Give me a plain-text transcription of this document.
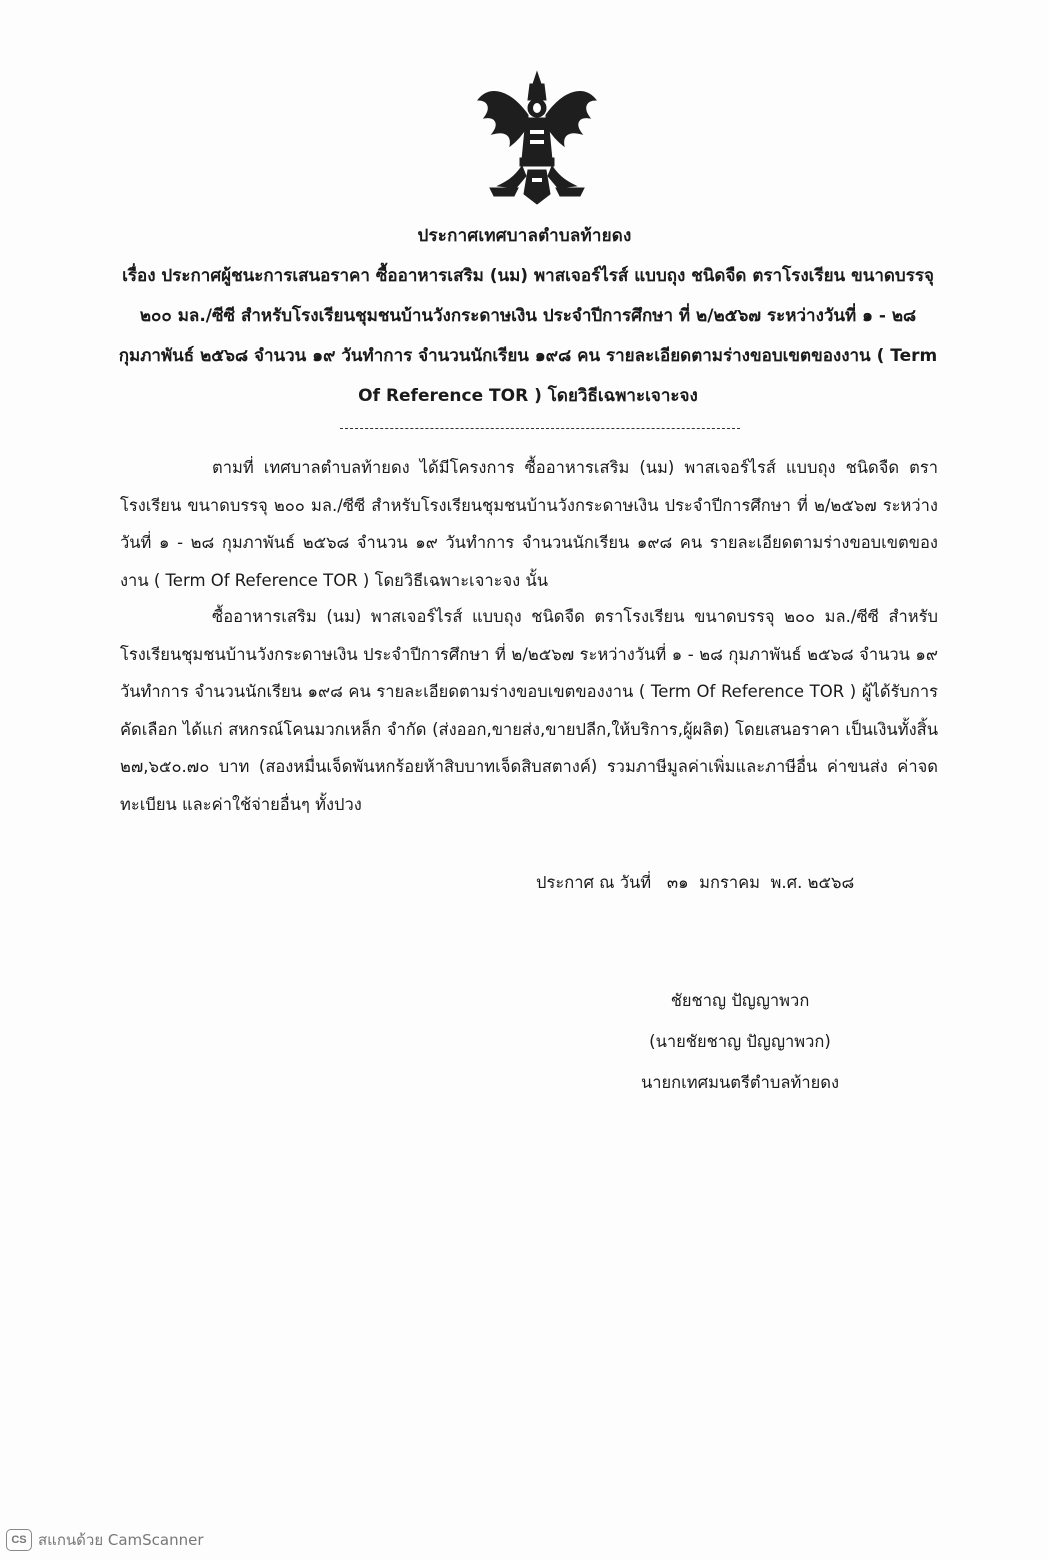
ประกาศเทศบาลตำบลท้ายดง
เรื่อง ประกาศผู้ชนะการเสนอราคา ซื้ออาหารเสริม (นม) พาสเจอร์ไรส์ แบบถุง ชนิดจืด ตราโรงเรียน ขนาดบรรจุ ๒๐๐ มล./ซีซี สำหรับโรงเรียนชุมชนบ้านวังกระดาษเงิน ประจำปีการศึกษา ที่ ๒/๒๕๖๗ ระหว่างวันที่ ๑ - ๒๘ กุมภาพันธ์ ๒๕๖๘ จำนวน ๑๙ วันทำการ จำนวนนักเรียน ๑๙๘ คน รายละเอียดตามร่างขอบเขตของงาน ( Term Of Reference TOR ) โดยวิธีเฉพาะเจาะจง
ตามที่ เทศบาลตำบลท้ายดง ได้มีโครงการ ซื้ออาหารเสริม (นม) พาสเจอร์ไรส์ แบบถุง ชนิดจืด ตราโรงเรียน ขนาดบรรจุ ๒๐๐ มล./ซีซี สำหรับโรงเรียนชุมชนบ้านวังกระดาษเงิน ประจำปีการศึกษา ที่ ๒/๒๕๖๗ ระหว่างวันที่ ๑ - ๒๘ กุมภาพันธ์ ๒๕๖๘ จำนวน ๑๙ วันทำการ จำนวนนักเรียน ๑๙๘ คน รายละเอียดตามร่างขอบเขตของงาน ( Term Of Reference TOR ) โดยวิธีเฉพาะเจาะจง นั้น
ซื้ออาหารเสริม (นม) พาสเจอร์ไรส์ แบบถุง ชนิดจืด ตราโรงเรียน ขนาดบรรจุ ๒๐๐ มล./ซีซี สำหรับโรงเรียนชุมชนบ้านวังกระดาษเงิน ประจำปีการศึกษา ที่ ๒/๒๕๖๗ ระหว่างวันที่ ๑ - ๒๘ กุมภาพันธ์ ๒๕๖๘ จำนวน ๑๙ วันทำการ จำนวนนักเรียน ๑๙๘ คน รายละเอียดตามร่างขอบเขตของงาน ( Term Of Reference TOR ) ผู้ได้รับการคัดเลือก ได้แก่ สหกรณ์โคนมวกเหล็ก จำกัด (ส่งออก,ขายส่ง,ขายปลีก,ให้บริการ,ผู้ผลิต) โดยเสนอราคา เป็นเงินทั้งสิ้น ๒๗,๖๕๐.๗๐ บาท (สองหมื่นเจ็ดพันหกร้อยห้าสิบบาทเจ็ดสิบสตางค์) รวมภาษีมูลค่าเพิ่มและภาษีอื่น ค่าขนส่ง ค่าจดทะเบียน และค่าใช้จ่ายอื่นๆ ทั้งปวง
ประกาศ ณ วันที่   ๓๑  มกราคม  พ.ศ. ๒๕๖๘
ชัยชาญ ปัญญาพวก
(นายชัยชาญ ปัญญาพวก)
นายกเทศมนตรีตำบลท้ายดง
CS สแกนด้วย CamScanner
